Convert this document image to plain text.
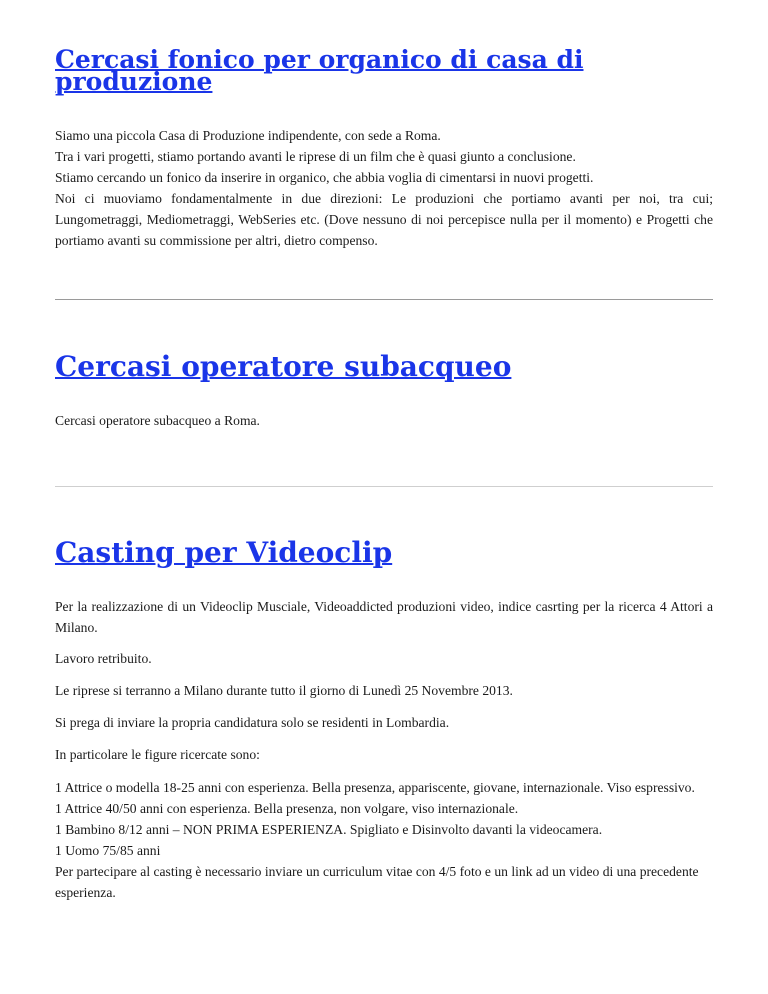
Cercasi fonico per organico di casa di produzione

Siamo una piccola Casa di Produzione indipendente, con sede a Roma.
Tra i vari progetti, stiamo portando avanti le riprese di un film che è quasi giunto a conclusione.
Stiamo cercando un fonico da inserire in organico, che abbia voglia di cimentarsi in nuovi progetti.
Noi ci muoviamo fondamentalmente in due direzioni: Le produzioni che portiamo avanti per noi, tra cui; Lungometraggi, Mediometraggi, WebSeries etc. (Dove nessuno di noi percepisce nulla per il momento) e Progetti che portiamo avanti su commissione per altri, dietro compenso.

Cercasi operatore subacqueo

Cercasi operatore subacqueo a Roma.

Casting per Videoclip

Per la realizzazione di un Videoclip Musciale, Videoaddicted produzioni video, indice casrting per la ricerca 4 Attori a Milano.

Lavoro retribuito.

Le riprese si terranno a Milano durante tutto il giorno di Lunedì 25 Novembre 2013.

Si prega di inviare la propria candidatura solo se residenti in Lombardia.

In particolare le figure ricercate sono:

1 Attrice o modella 18-25 anni con esperienza. Bella presenza, appariscente, giovane, internazionale. Viso espressivo.
1 Attrice 40/50 anni con esperienza. Bella presenza, non volgare, viso internazionale.
1 Bambino 8/12 anni – NON PRIMA ESPERIENZA. Spigliato e Disinvolto davanti la videocamera.
1 Uomo 75/85 anni
Per partecipare al casting è necessario inviare un curriculum vitae con 4/5 foto e un link ad un video di una precedente esperienza.
